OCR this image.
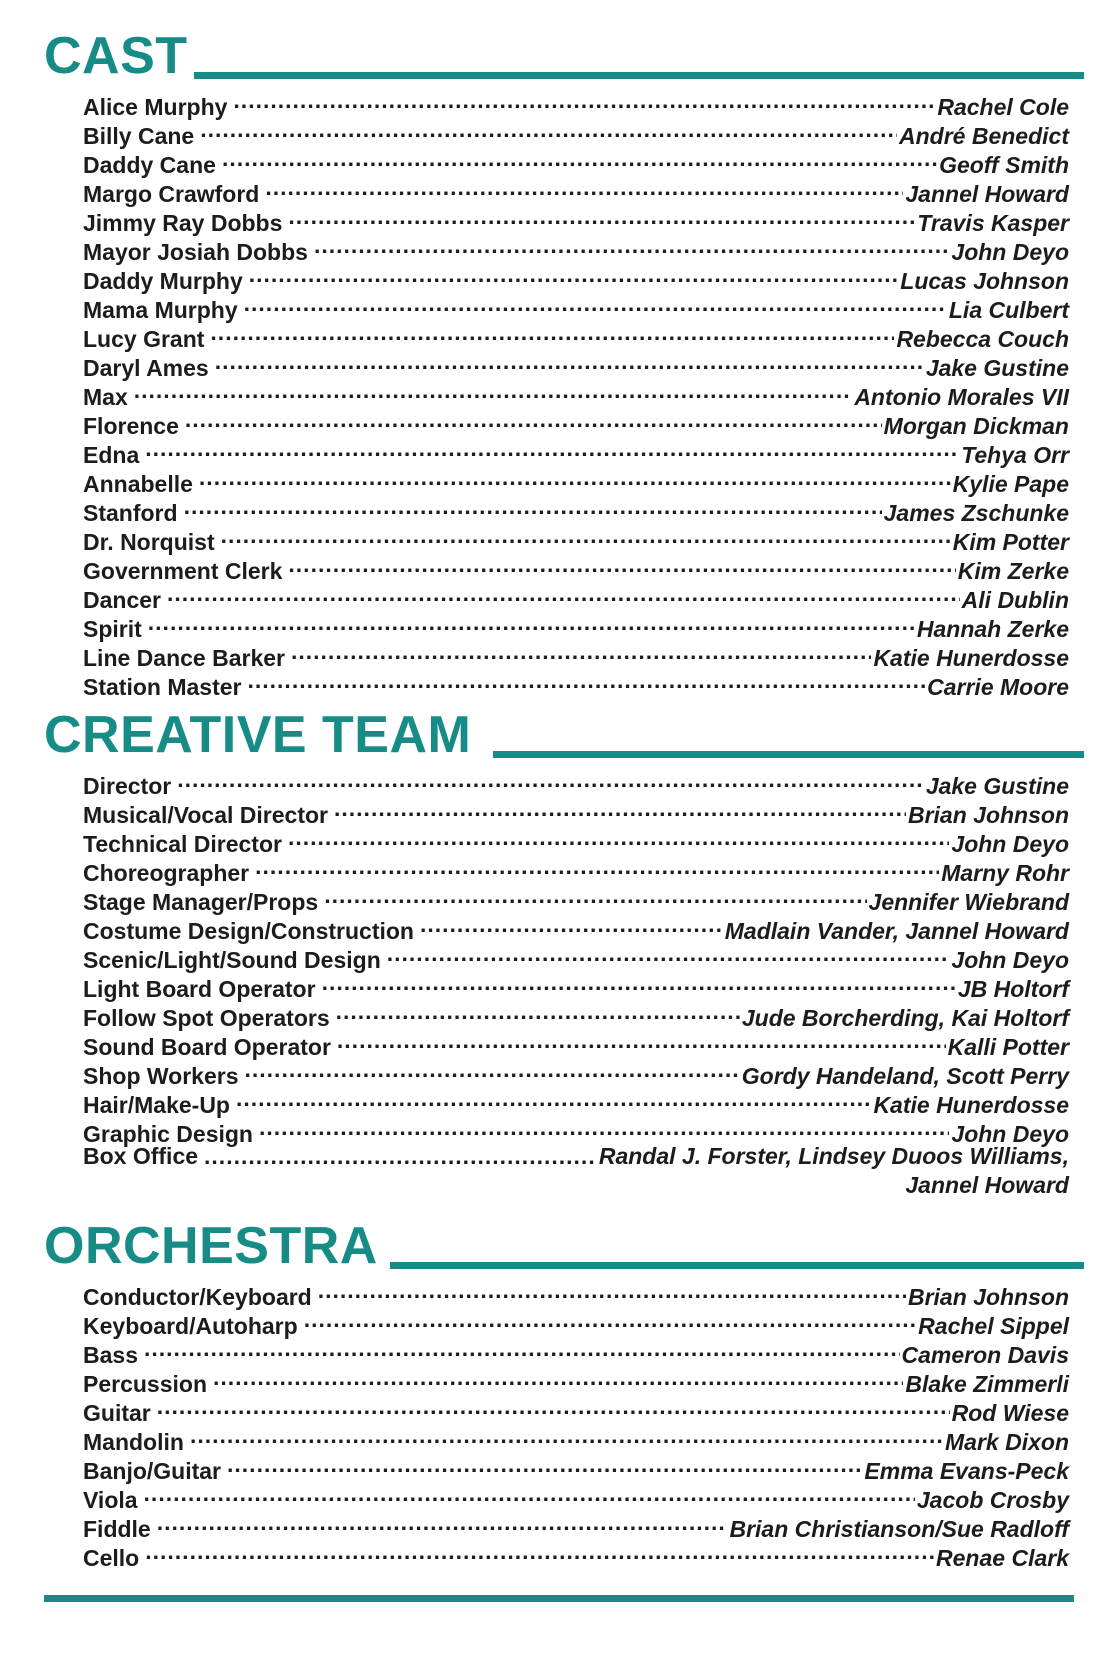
CAST
Alice Murphy .....	Rachel Cole
Billy Cane .....	André Benedict
Daddy Cane .....	Geoff Smith
Margo Crawford .....	Jannel Howard
Jimmy Ray Dobbs .....	Travis Kasper
Mayor Josiah Dobbs .....	John Deyo
Daddy Murphy .....	Lucas Johnson
Mama Murphy .....	Lia Culbert
Lucy Grant .....	Rebecca Couch
Daryl Ames .....	Jake Gustine
Max .....	Antonio Morales VII
Florence .....	Morgan Dickman
Edna .....	Tehya Orr
Annabelle .....	Kylie Pape
Stanford .....	James Zschunke
Dr. Norquist .....	Kim Potter
Government Clerk .....	Kim Zerke
Dancer .....	Ali Dublin
Spirit .....	Hannah Zerke
Line Dance Barker .....	Katie Hunerdosse
Station Master .....	Carrie Moore
CREATIVE TEAM
Director .....	Jake Gustine
Musical/Vocal Director .....	Brian Johnson
Technical Director .....	John Deyo
Choreographer .....	Marny Rohr
Stage Manager/Props .....	Jennifer Wiebrand
Costume Design/Construction .....	Madlain Vander, Jannel Howard
Scenic/Light/Sound Design .....	John Deyo
Light Board Operator .....	JB Holtorf
Follow Spot Operators .....	Jude Borcherding, Kai Holtorf
Sound Board Operator .....	Kalli Potter
Shop Workers .....	Gordy Handeland, Scott Perry
Hair/Make-Up .....	Katie Hunerdosse
Graphic Design .....	John Deyo
Box Office .....	Randal J. Forster, Lindsey Duoos Williams,
Jannel Howard
ORCHESTRA
Conductor/Keyboard .....	Brian Johnson
Keyboard/Autoharp .....	Rachel Sippel
Bass .....	Cameron Davis
Percussion .....	Blake Zimmerli
Guitar .....	Rod Wiese
Mandolin .....	Mark Dixon
Banjo/Guitar .....	Emma Evans-Peck
Viola .....	Jacob Crosby
Fiddle .....	Brian Christianson/Sue Radloff
Cello .....	Renae Clark
